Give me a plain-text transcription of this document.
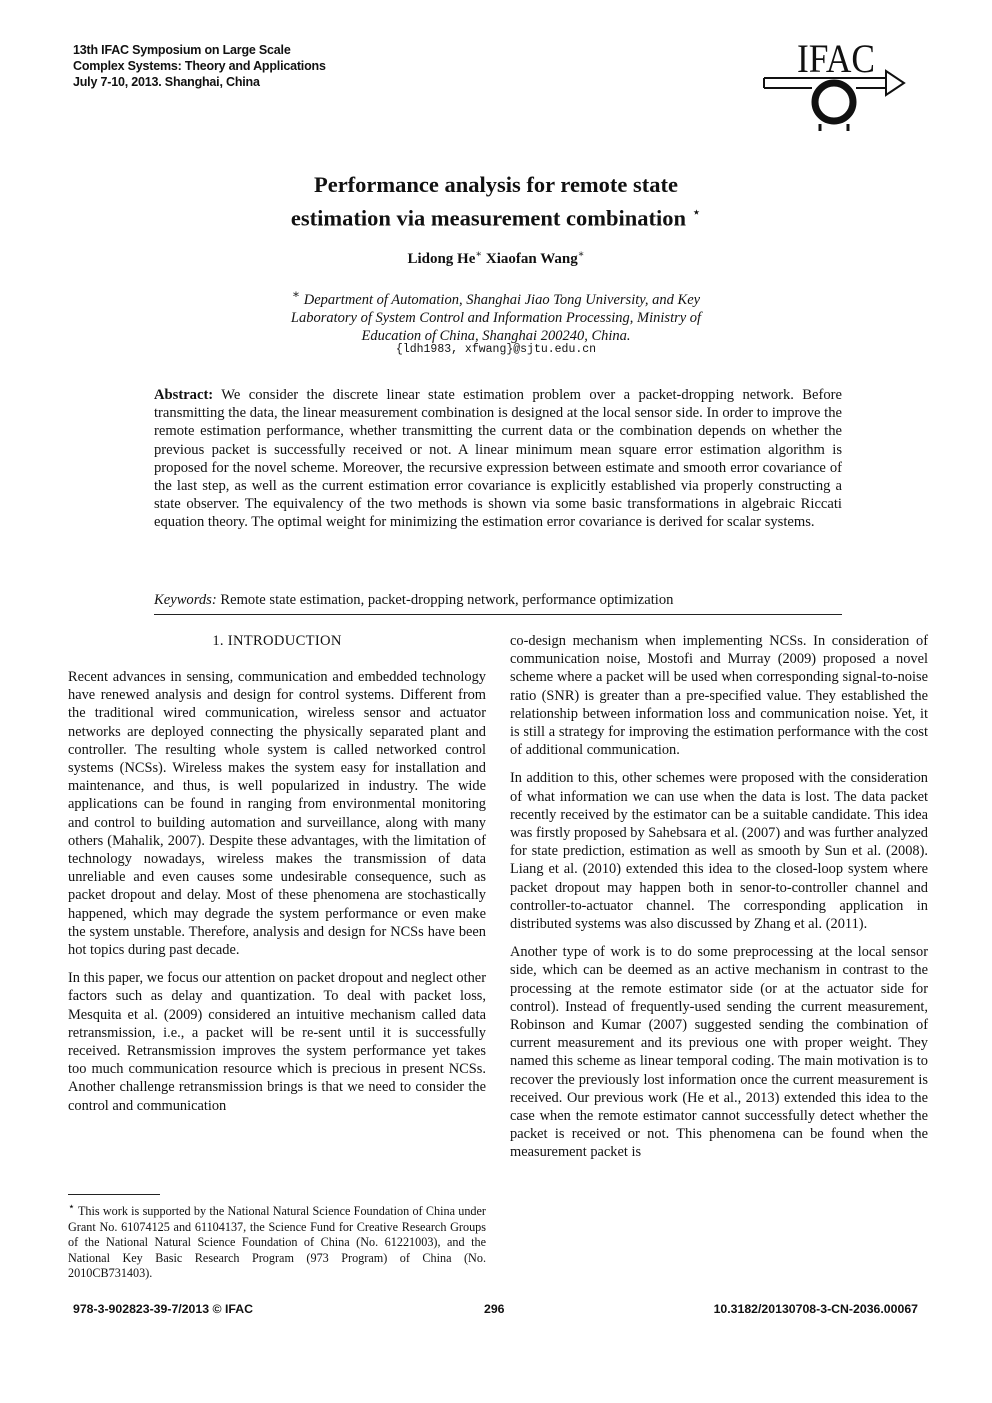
13th IFAC Symposium on Large Scale
Complex Systems: Theory and Applications
July 7-10, 2013. Shanghai, China
IFAC
Performance analysis for remote state
estimation via measurement combination ⋆
Lidong He∗ Xiaofan Wang∗
∗ Department of Automation, Shanghai Jiao Tong University, and Key
Laboratory of System Control and Information Processing, Ministry of
Education of China, Shanghai 200240, China.
{ldh1983, xfwang}@sjtu.edu.cn
Abstract: We consider the discrete linear state estimation problem over a packet-dropping network. Before transmitting the data, the linear measurement combination is designed at the local sensor side. In order to improve the remote estimation performance, whether transmitting the current data or the combination depends on whether the previous packet is successfully received or not. A linear minimum mean square error estimation algorithm is proposed for the novel scheme. Moreover, the recursive expression between estimate and smooth error covariance of the last step, as well as the current estimation error covariance is explicitly established via properly constructing a state observer. The equivalency of the two methods is shown via some basic transformations in algebraic Riccati equation theory. The optimal weight for minimizing the estimation error covariance is derived for scalar systems.
Keywords: Remote state estimation, packet-dropping network, performance optimization
1. INTRODUCTION

Recent advances in sensing, communication and embedded technology have renewed analysis and design for control systems. Different from the traditional wired communication, wireless sensor and actuator networks are deployed connecting the physically separated plant and controller. The resulting whole system is called networked control systems (NCSs). Wireless makes the system easy for installation and maintenance, and thus, is well popularized in industry. The wide applications can be found in ranging from environmental monitoring and control to building automation and surveillance, along with many others (Mahalik, 2007). Despite these advantages, with the limitation of technology nowadays, wireless makes the transmission of data unreliable and even causes some undesirable consequence, such as packet dropout and delay. Most of these phenomena are stochastically happened, which may degrade the system performance or even make the system unstable. Therefore, analysis and design for NCSs have been hot topics during past decade.

In this paper, we focus our attention on packet dropout and neglect other factors such as delay and quantization. To deal with packet loss, Mesquita et al. (2009) considered an intuitive mechanism called data retransmission, i.e., a packet will be re-sent until it is successfully received. Retransmission improves the system performance yet takes too much communication resource which is precious in present NCSs. Another challenge retransmission brings is that we need to consider the control and communication

⋆ This work is supported by the National Natural Science Foundation of China under Grant No. 61074125 and 61104137, the Science Fund for Creative Research Groups of the National Natural Science Foundation of China (No. 61221003), and the National Key Basic Research Program (973 Program) of China (No. 2010CB731403).

co-design mechanism when implementing NCSs. In consideration of communication noise, Mostofi and Murray (2009) proposed a novel scheme where a packet will be used when corresponding signal-to-noise ratio (SNR) is greater than a pre-specified value. They established the relationship between information loss and communication noise. Yet, it is still a strategy for improving the estimation performance with the cost of additional communication.

In addition to this, other schemes were proposed with the consideration of what information we can use when the data is lost. The data packet recently received by the estimator can be a suitable candidate. This idea was firstly proposed by Sahebsara et al. (2007) and was further analyzed for state prediction, estimation as well as smooth by Sun et al. (2008). Liang et al. (2010) extended this idea to the closed-loop system where packet dropout may happen both in senor-to-controller channel and controller-to-actuator channel. The corresponding application in distributed systems was also discussed by Zhang et al. (2011).

Another type of work is to do some preprocessing at the local sensor side, which can be deemed as an active mechanism in contrast to the processing at the remote estimator side (or at the actuator side for control). Instead of frequently-used sending the current measurement, Robinson and Kumar (2007) suggested sending the combination of current measurement and its previous one with proper weight. They named this scheme as linear temporal coding. The main motivation is to recover the previously lost information once the current measurement is received. Our previous work (He et al., 2013) extended this idea to the case when the remote estimator cannot successfully detect whether the packet is received or not. This phenomena can be found when the measurement packet is

978-3-902823-39-7/2013 © IFAC	296	10.3182/20130708-3-CN-2036.00067
